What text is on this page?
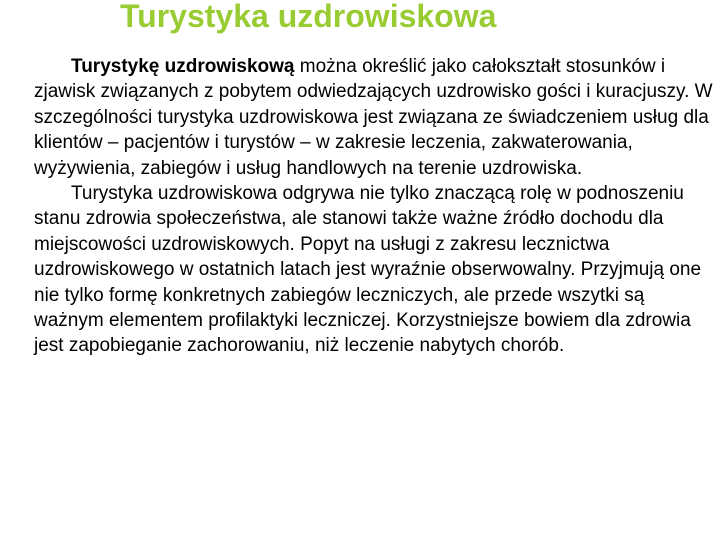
Turystyka uzdrowiskowa

Turystykę uzdrowiskową można określić jako całokształt stosunków i zjawisk związanych z pobytem odwiedzających uzdrowisko gości i kuracjuszy. W szczególności turystyka uzdrowiskowa jest związana ze świadczeniem usług dla klientów – pacjentów i turystów – w zakresie leczenia, zakwaterowania, wyżywienia, zabiegów i usług handlowych na terenie uzdrowiska.

Turystyka uzdrowiskowa odgrywa nie tylko znaczącą rolę w podnoszeniu stanu zdrowia społeczeństwa, ale stanowi także ważne źródło dochodu dla miejscowości uzdrowiskowych. Popyt na usługi z zakresu lecznictwa uzdrowiskowego w ostatnich latach jest wyraźnie obserwowalny. Przyjmują one nie tylko formę konkretnych zabiegów leczniczych, ale przede wszytki są ważnym elementem profilaktyki leczniczej. Korzystniejsze bowiem dla zdrowia jest zapobieganie zachorowaniu, niż leczenie nabytych chorób.
